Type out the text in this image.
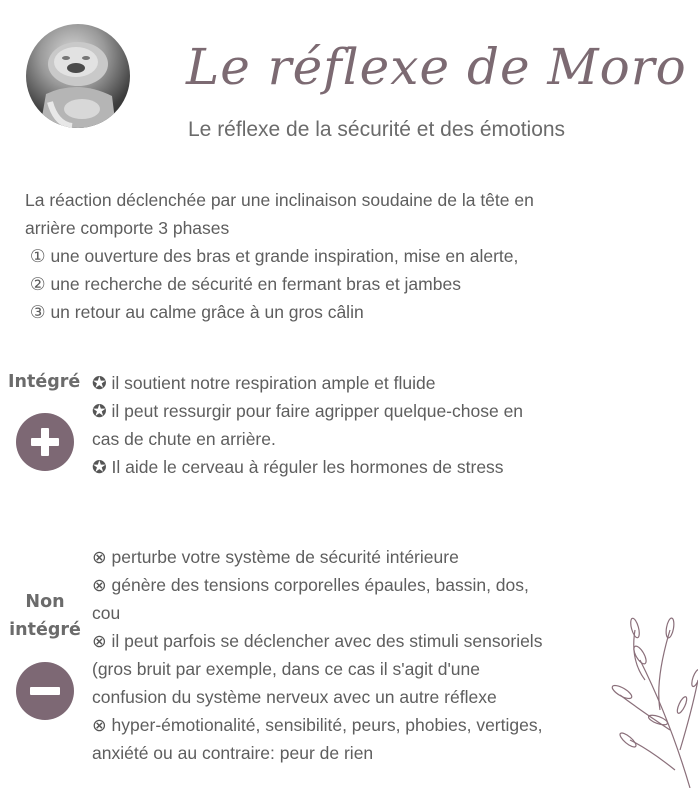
Le réflexe de Moro
Le réflexe de la sécurité et des émotions
La réaction déclenchée par une inclinaison soudaine de la tête en
arrière comporte 3 phases
① une ouverture des bras et grande inspiration, mise en alerte,
② une recherche de sécurité en fermant bras et jambes
③ un retour au calme grâce à un gros câlin
Intégré ✪ il soutient notre respiration ample et fluide
✪ il peut ressurgir pour faire agripper quelque-chose en
cas de chute en arrière.
✪ Il aide le cerveau à réguler les hormones de stress
Non
intégré
⊗ perturbe votre système de sécurité intérieure
⊗ génère des tensions corporelles épaules, bassin, dos,
cou
⊗ il peut parfois se déclencher avec des stimuli sensoriels
(gros bruit par exemple, dans ce cas il s'agit d'une
confusion du système nerveux avec un autre réflexe
⊗ hyper-émotionalité, sensibilité, peurs, phobies, vertiges,
anxiété ou au contraire: peur de rien
